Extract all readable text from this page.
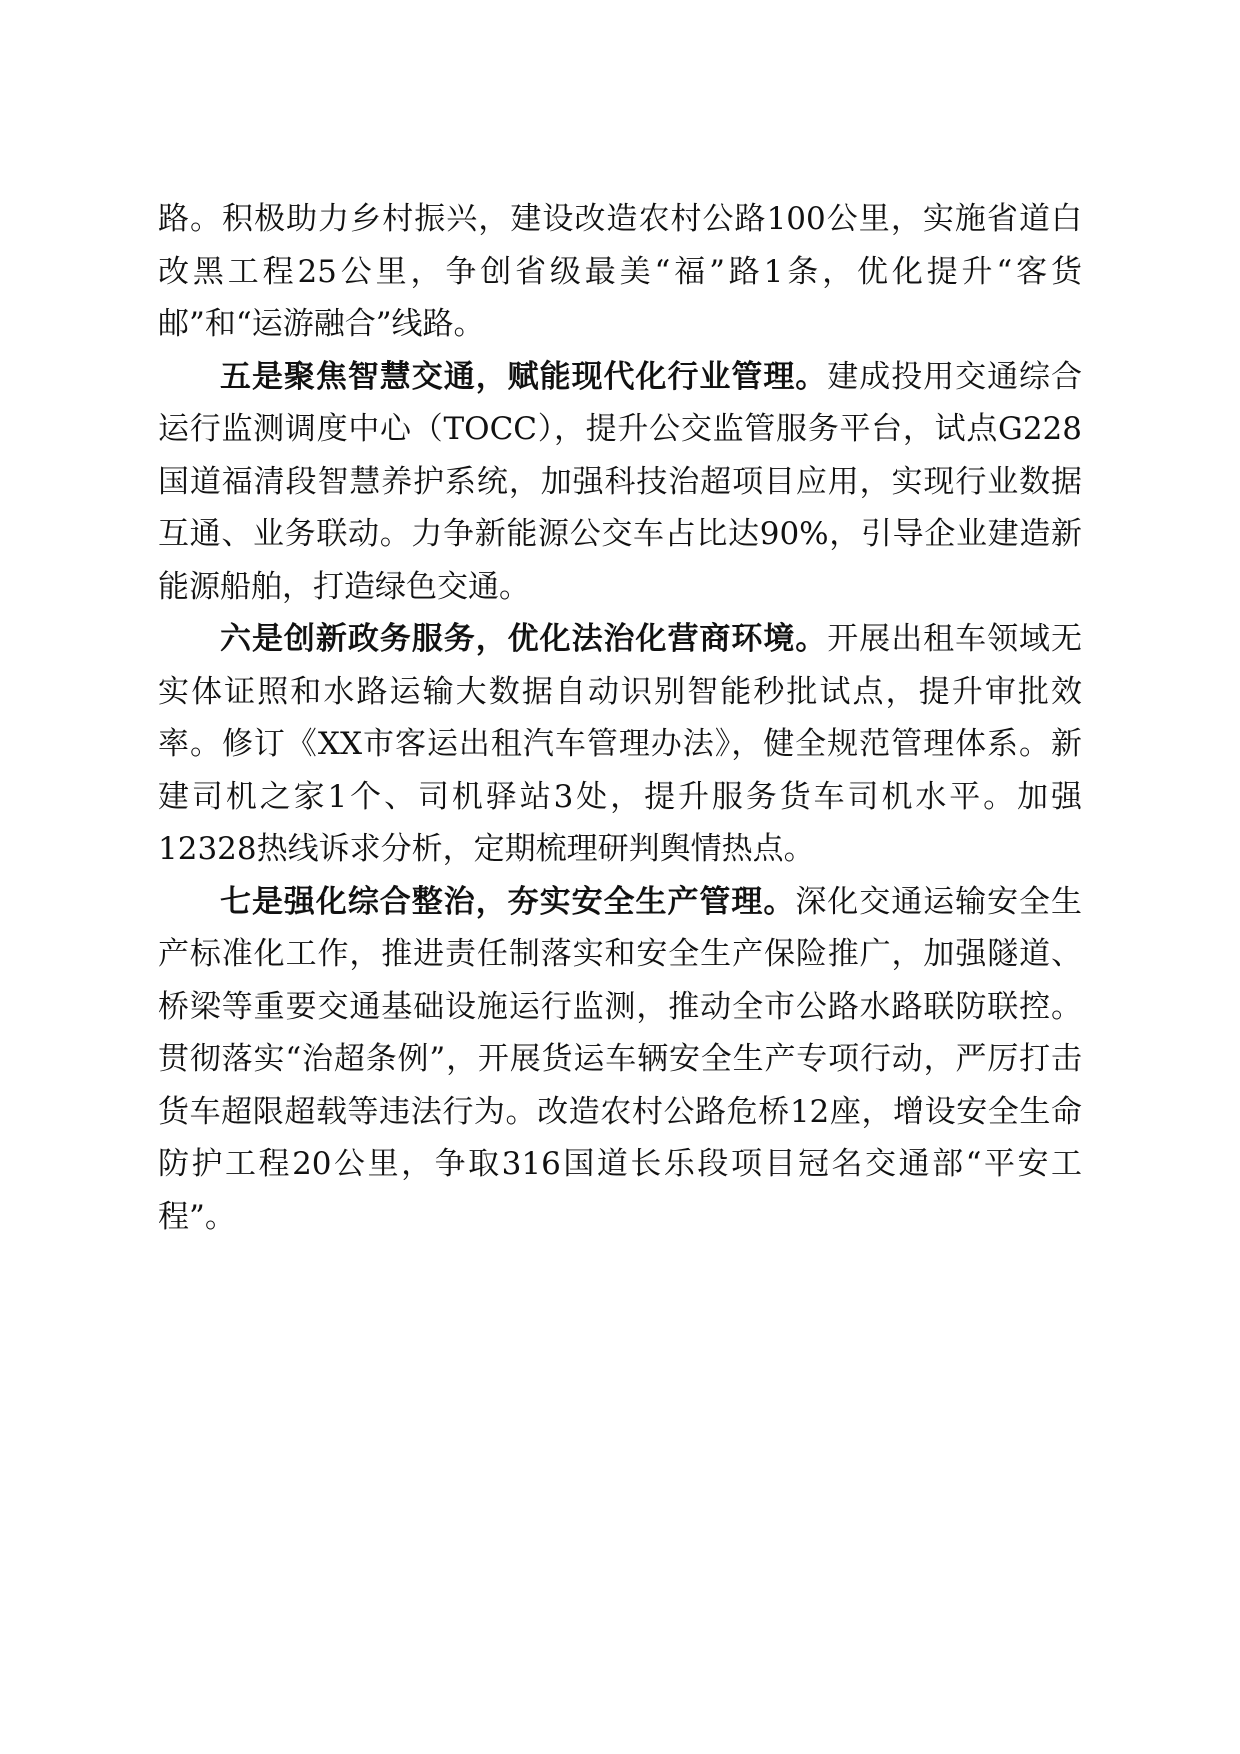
路。积极助力乡村振兴，建设改造农村公路100公里，实施省道白改黑工程25公里，争创省级最美“福”路1条，优化提升“客货邮”和“运游融合”线路。

五是聚焦智慧交通，赋能现代化行业管理。建成投用交通综合运行监测调度中心（TOCC），提升公交监管服务平台，试点G228国道福清段智慧养护系统，加强科技治超项目应用，实现行业数据互通、业务联动。力争新能源公交车占比达90%，引导企业建造新能源船舶，打造绿色交通。

六是创新政务服务，优化法治化营商环境。开展出租车领域无实体证照和水路运输大数据自动识别智能秒批试点，提升审批效率。修订《XX市客运出租汽车管理办法》，健全规范管理体系。新建司机之家1个、司机驿站3处，提升服务货车司机水平。加强12328热线诉求分析，定期梳理研判舆情热点。

七是强化综合整治，夯实安全生产管理。深化交通运输安全生产标准化工作，推进责任制落实和安全生产保险推广，加强隧道、桥梁等重要交通基础设施运行监测，推动全市公路水路联防联控。贯彻落实“治超条例”，开展货运车辆安全生产专项行动，严厉打击货车超限超载等违法行为。改造农村公路危桥12座，增设安全生命防护工程20公里，争取316国道长乐段项目冠名交通部“平安工程”。
